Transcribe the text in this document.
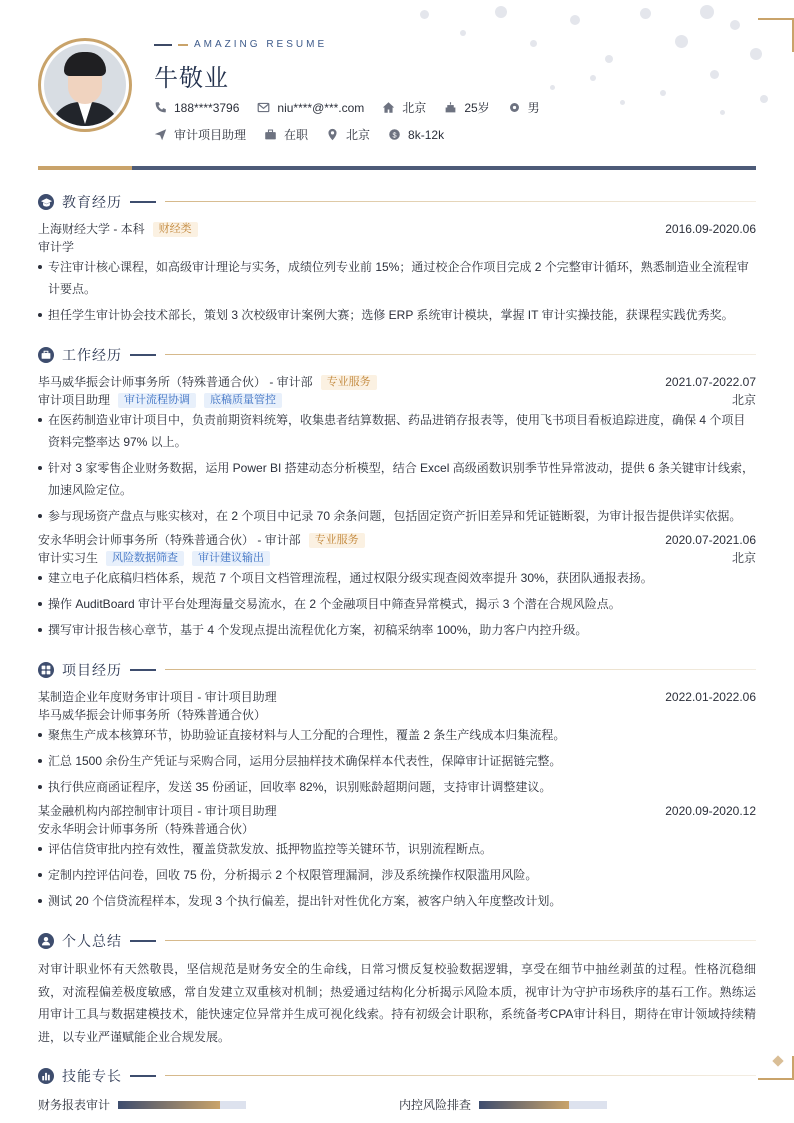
AMAZING RESUME
牛敬业
188****3796	niu****@***.com	北京	25岁	男
审计项目助理	在职	北京 $ 8k-12k
教育经历
上海财经大学 - 本科	财经类	2016.09-2020.06
审计学
专注审计核心课程，如高级审计理论与实务，成绩位列专业前 15%；通过校企合作项目完成 2 个完整审计循环，熟悉制造业全流程审计要点。
担任学生审计协会技术部长，策划 3 次校级审计案例大赛；选修 ERP 系统审计模块，掌握 IT 审计实操技能，获课程实践优秀奖。
工作经历
毕马威华振会计师事务所（特殊普通合伙） - 审计部	专业服务	2021.07-2022.07
审计项目助理	审计流程协调	底稿质量管控	北京
在医药制造业审计项目中，负责前期资料统筹，收集患者结算数据、药品进销存报表等，使用飞书项目看板追踪进度，确保 4 个项目资料完整率达 97% 以上。
针对 3 家零售企业财务数据，运用 Power BI 搭建动态分析模型，结合 Excel 高级函数识别季节性异常波动，提供 6 条关键审计线索，加速风险定位。
参与现场资产盘点与账实核对，在 2 个项目中记录 70 余条问题，包括固定资产折旧差异和凭证链断裂，为审计报告提供详实依据。
安永华明会计师事务所（特殊普通合伙） - 审计部	专业服务	2020.07-2021.06
审计实习生	风险数据筛查	审计建议输出	北京
建立电子化底稿归档体系，规范 7 个项目文档管理流程，通过权限分级实现查阅效率提升 30%，获团队通报表扬。
操作 AuditBoard 审计平台处理海量交易流水，在 2 个金融项目中筛查异常模式，揭示 3 个潜在合规风险点。
撰写审计报告核心章节，基于 4 个发现点提出流程优化方案，初稿采纳率 100%，助力客户内控升级。
项目经历
某制造企业年度财务审计项目 - 审计项目助理	2022.01-2022.06
毕马威华振会计师事务所（特殊普通合伙）
聚焦生产成本核算环节，协助验证直接材料与人工分配的合理性，覆盖 2 条生产线成本归集流程。
汇总 1500 余份生产凭证与采购合同，运用分层抽样技术确保样本代表性，保障审计证据链完整。
执行供应商函证程序，发送 35 份函证，回收率 82%，识别账龄超期问题，支持审计调整建议。
某金融机构内部控制审计项目 - 审计项目助理	2020.09-2020.12
安永华明会计师事务所（特殊普通合伙）
评估信贷审批内控有效性，覆盖贷款发放、抵押物监控等关键环节，识别流程断点。
定制内控评估问卷，回收 75 份，分析揭示 2 个权限管理漏洞，涉及系统操作权限滥用风险。
测试 20 个信贷流程样本，发现 3 个执行偏差，提出针对性优化方案，被客户纳入年度整改计划。
个人总结
对审计职业怀有天然敬畏，坚信规范是财务安全的生命线，日常习惯反复校验数据逻辑，享受在细节中抽丝剥茧的过程。性格沉稳细致，对流程偏差极度敏感，常自发建立双重核对机制；热爱通过结构化分析揭示风险本质，视审计为守护市场秩序的基石工作。熟练运用审计工具与数据建模技术，能快速定位异常并生成可视化线索。持有初级会计职称，系统备考CPA审计科目，期待在审计领域持续精进，以专业严谨赋能企业合规发展。
技能专长
财务报表审计	内控风险排查
